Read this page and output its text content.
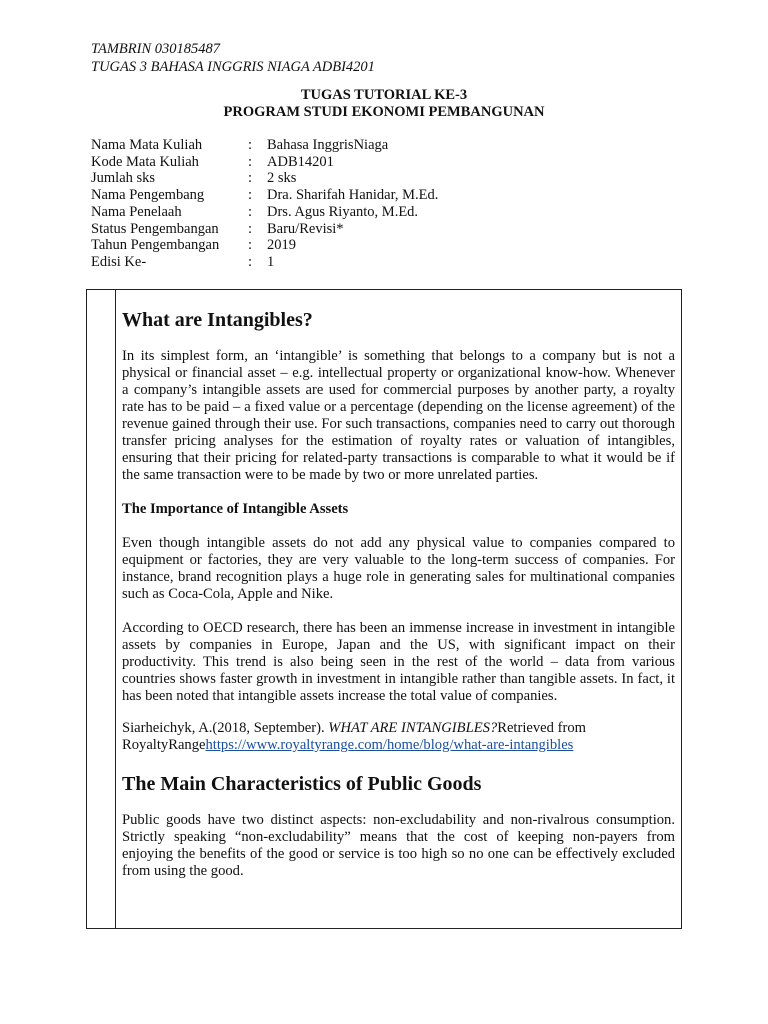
TAMBRIN 030185487
TUGAS 3 BAHASA INGGRIS NIAGA ADBI4201
TUGAS TUTORIAL KE-3
PROGRAM STUDI EKONOMI PEMBANGUNAN
Nama Mata Kuliah	:	Bahasa InggrisNiaga
Kode Mata Kuliah	:	ADB14201
Jumlah sks	:	2 sks
Nama Pengembang	:	Dra. Sharifah Hanidar, M.Ed.
Nama Penelaah	:	Drs. Agus Riyanto, M.Ed.
Status Pengembangan	:	Baru/Revisi*
Tahun Pengembangan	:	2019
Edisi Ke-	:	1
What are Intangibles?

In its simplest form, an ‘intangible’ is something that belongs to a company but is not a physical or financial asset – e.g. intellectual property or organizational know-how. Whenever a company’s intangible assets are used for commercial purposes by another party, a royalty rate has to be paid – a fixed value or a percentage (depending on the license agreement) of the revenue gained through their use. For such transactions, companies need to carry out thorough transfer pricing analyses for the estimation of royalty rates or valuation of intangibles, ensuring that their pricing for related-party transactions is comparable to what it would be if the same transaction were to be made by two or more unrelated parties.

The Importance of Intangible Assets

Even though intangible assets do not add any physical value to companies compared to equipment or factories, they are very valuable to the long-term success of companies. For instance, brand recognition plays a huge role in generating sales for multinational companies such as Coca-Cola, Apple and Nike.

According to OECD research, there has been an immense increase in investment in intangible assets by companies in Europe, Japan and the US, with significant impact on their productivity. This trend is also being seen in the rest of the world – data from various countries shows faster growth in investment in intangible rather than tangible assets. In fact, it has been noted that intangible assets increase the total value of companies.

Siarheichyk, A.(2018, September). WHAT ARE INTANGIBLES?Retrieved from RoyaltyRangehttps://www.royaltyrange.com/home/blog/what-are-intangibles

The Main Characteristics of Public Goods

Public goods have two distinct aspects: non-excludability and non-rivalrous consumption. Strictly speaking “non-excludability” means that the cost of keeping non-payers from enjoying the benefits of the good or service is too high so no one can be effectively excluded from using the good.
